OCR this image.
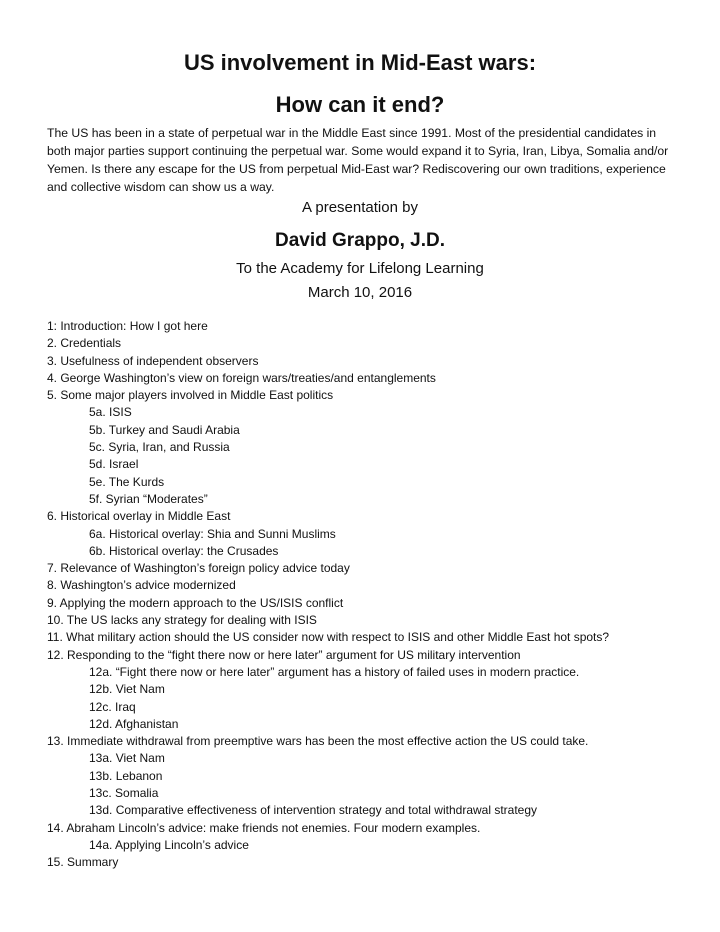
US involvement in Mid-East wars:
How can it end?
The US has been in a state of perpetual war in the Middle East since 1991. Most of the presidential candidates in both major parties support continuing the perpetual war. Some would expand it to Syria, Iran, Libya, Somalia and/or Yemen. Is there any escape for the US from perpetual Mid-East war? Rediscovering our own traditions, experience and collective wisdom can show us a way.
A presentation by
David Grappo, J.D.
To the Academy for Lifelong Learning
March 10, 2016
1: Introduction: How I got here
2. Credentials
3. Usefulness of independent observers
4. George Washington’s view on foreign wars/treaties/and entanglements
5. Some major players involved in Middle East politics
5a. ISIS
5b. Turkey and Saudi Arabia
5c. Syria, Iran, and Russia
5d. Israel
5e. The Kurds
5f. Syrian “Moderates”
6. Historical overlay in Middle East
6a. Historical overlay: Shia and Sunni Muslims
6b. Historical overlay: the Crusades
7. Relevance of Washington’s foreign policy advice today
8. Washington’s advice modernized
9. Applying the modern approach to the US/ISIS conflict
10. The US lacks any strategy for dealing with ISIS
11. What military action should the US consider now with respect to ISIS and other Middle East hot spots?
12. Responding to the “fight there now or here later” argument for US military intervention
12a. “Fight there now or here later” argument has a history of failed uses in modern practice.
12b. Viet Nam
12c. Iraq
12d. Afghanistan
13. Immediate withdrawal from preemptive wars has been the most effective action the US could take.
13a. Viet Nam
13b. Lebanon
13c. Somalia
13d. Comparative effectiveness of intervention strategy and total withdrawal strategy
14. Abraham Lincoln’s advice: make friends not enemies. Four modern examples.
14a. Applying Lincoln’s advice
15. Summary
